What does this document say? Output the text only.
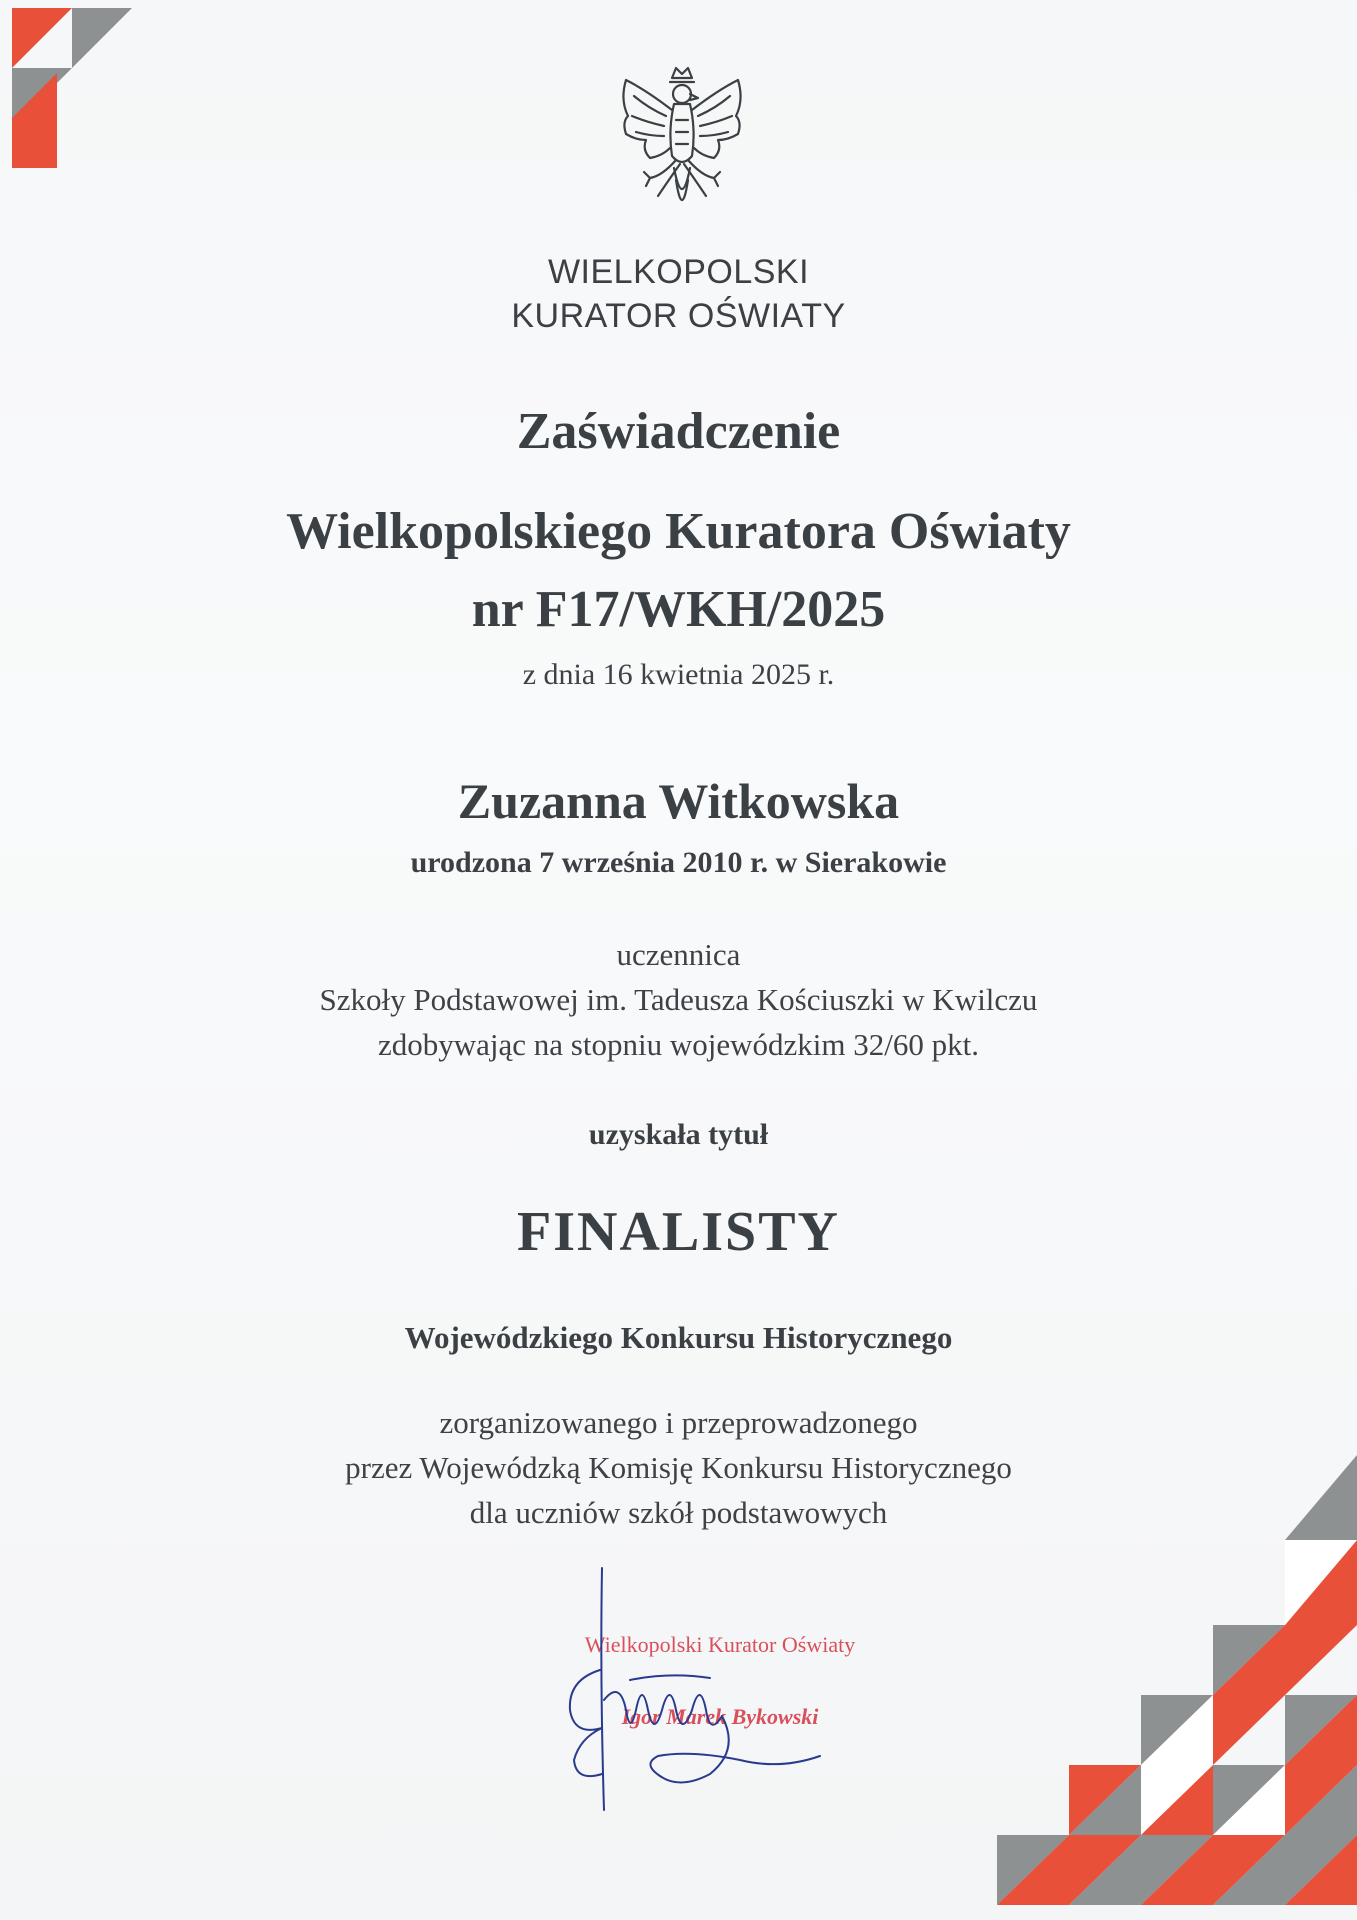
WIELKOPOLSKI
KURATOR OŚWIATY
Zaświadczenie
Wielkopolskiego Kuratora Oświaty
nr F17/WKH/2025
z dnia 16 kwietnia 2025 r.
Zuzanna Witkowska
urodzona 7 września 2010 r. w Sierakowie
uczennica
Szkoły Podstawowej im. Tadeusza Kościuszki w Kwilczu
zdobywając na stopniu wojewódzkim 32/60 pkt.
uzyskała tytuł
FINALISTY
Wojewódzkiego Konkursu Historycznego
zorganizowanego i przeprowadzonego
przez Wojewódzką Komisję Konkursu Historycznego
dla uczniów szkół podstawowych
Wielkopolski Kurator Oświaty
Igor Marek Bykowski
